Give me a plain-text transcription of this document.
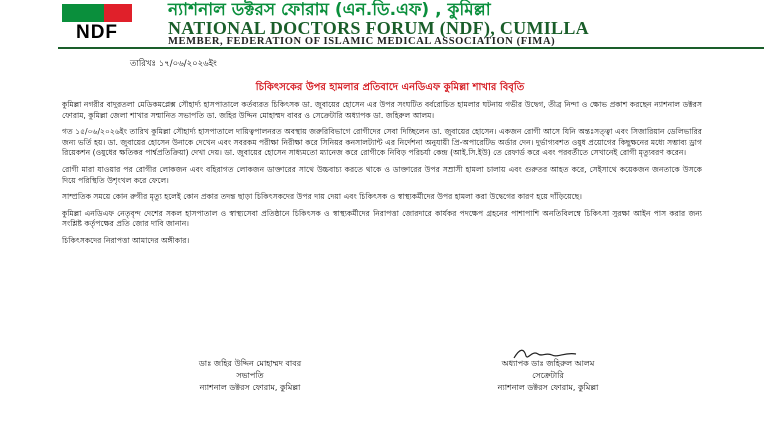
NDF
ন্যাশনাল ডক্টরস ফোরাম (এন.ডি.এফ) , কুমিল্লা
NATIONAL DOCTORS FORUM (NDF), CUMILLA
MEMBER, FEDERATION OF ISLAMIC MEDICAL ASSOCIATION (FIMA)
তারিখঃ ১৭/০৬/২০২৬ইং
চিকিৎসকের উপর হামলার প্রতিবাদে এনডিএফ কুমিল্লা শাখার বিবৃতি

কুমিল্লা নগরীর বাদুরতলা মেডিকমপ্লেক্স সৌহার্দ্য হাসপাতালে কর্তব্যরত চিকিৎসক ডা. জুবায়ের হোসেন এর উপর সংঘটিত বর্বরোচিত হামলার ঘটনায় গভীর উদ্বেগ, তীব্র নিন্দা ও ক্ষোভ প্রকাশ করছেন ন্যাশনাল ডক্টরস ফোরাম, কুমিল্লা জেলা শাখার সম্মানিত সভাপতি ডা. জহির উদ্দিন মোহাম্মদ বাবর ও সেক্রেটারি অধ্যাপক ডা. জহিরুল আলম।

গত ১৫/০৬/২০২৬ইং তারিখ কুমিল্লা সৌহার্দ্য হাসপাতালে দায়িত্বপালনরত অবস্থায় জরুরিবিভাগে রোগীদের সেবা দিচ্ছিলেন ডা. জুবায়ের হোসেন। একজন রোগী আসে যিনি অন্তঃসত্ত্বা এবং সিজারিয়ান ডেলিভারির জন্য ভর্তি হয়। ডা. জুবায়ের হোসেন উনাকে দেখেন এবং সবরকম পরীক্ষা নিরীক্ষা করে সিনিয়র কনসালট্যান্ট এর নির্দেশনা অনুযায়ী প্রি-অপারেটিভ অর্ডার দেন। দুর্ভাগ্যবশত ওষুধ প্রয়োগের কিছুক্ষনের মধ্যে সম্ভাব্য ড্রাগ রিয়েকশন (ওষুধের ক্ষতিকর পার্শ্বপ্রতিক্রিয়া) দেখা দেয়। ডা. জুবায়ের হোসেন সাধ্যমতো ম্যানেজ করে রোগীকে নিবিড় পরিচর্যা কেন্দ্র (আই.সি.ইউ) তে রেফার্ড করে এবং পরবর্তীতে সেখানেই রোগী মৃত্যুবরণ করেন।

রোগী মারা যাওয়ার পর রোগীর লোকজন এবং বহিরাগত লোকজন ডাক্তারের সাথে উচ্চবাচ্য করতে থাকে ও ডাক্তারের উপর সম্রাসী হামলা চালায় এবং গুরুতর আহত করে, সেইসাথে কয়েকজন জনতাকে উসকে দিয়ে পরিস্থিতি উশৃংখল করে ফেলে।

সাম্প্রতিক সময়ে কোন রুগীর মৃত্যু হলেই কোন প্রকার তদন্ত ছাড়া চিকিৎসকদের উপর দায় দেয়া এবং চিকিৎসক ও স্বাস্থ্যকর্মীদের উপর হামলা করা উদ্বেগের কারণ হয়ে দাঁড়িয়েছে।

কুমিল্লা এনডিএফ নেতৃবৃন্দ দেশের সকল হাসপাতাল ও স্বাস্থ্যসেবা প্রতিষ্ঠানে চিকিৎসক ও স্বাস্থ্যকর্মীদের নিরাপত্তা জোরদারে কার্যকর পদক্ষেপ গ্রহনের পাশাপাশি অনতিবিলম্বে চিকিৎসা সুরক্ষা আইন পাস করার জন্য সংশ্লিষ্ট কর্তৃপক্ষের প্রতি জোর দাবি জানান।

চিকিৎসকদের নিরাপত্তা আমাদের অঙ্গীকার।

ডাঃ জহির উদ্দিন মোহাম্মদ বাবর
সভাপতি
ন্যাশনাল ডক্টরস ফোরাম, কুমিল্লা
অধ্যাপক ডাঃ জহিরুল আলম
সেক্রেটারি
ন্যাশনাল ডক্টরস ফোরাম, কুমিল্লা
